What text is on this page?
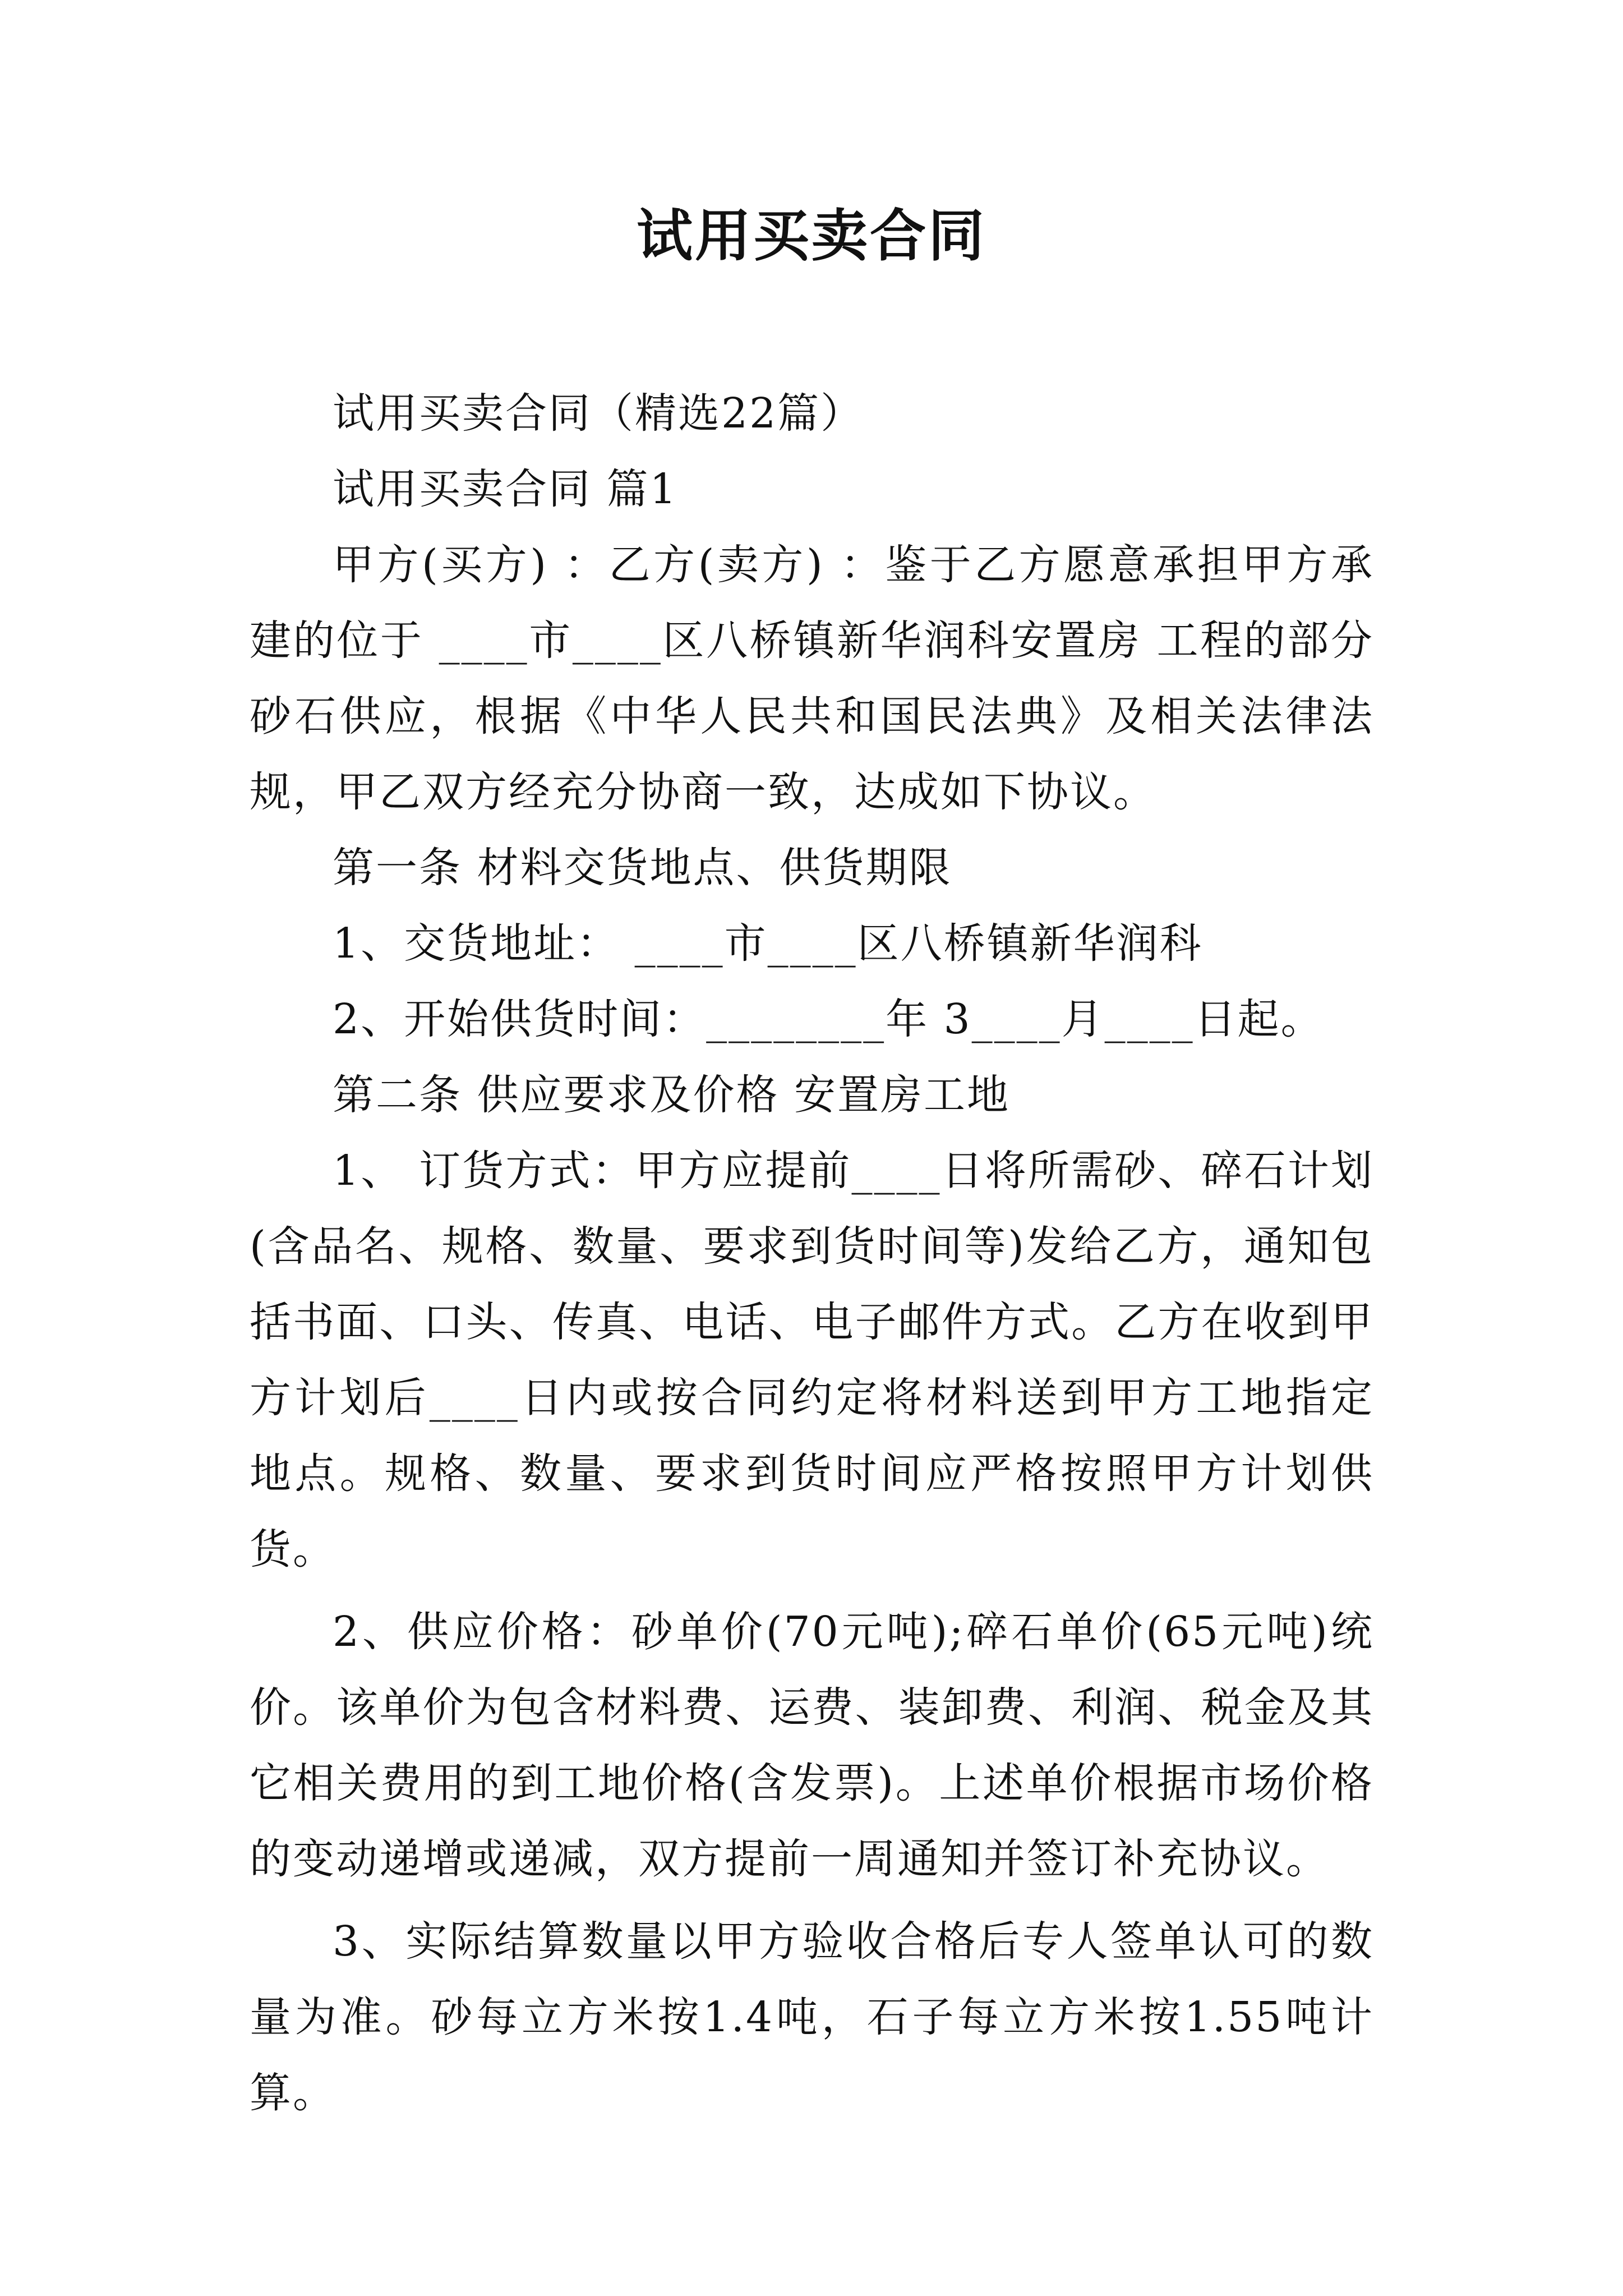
试用买卖合同

试用买卖合同（精选22篇）

试用买卖合同 篇1

甲方(买方) ：乙方(卖方) ：鉴于乙方愿意承担甲方承建的位于 ____市____区八桥镇新华润科安置房 工程的部分砂石供应，根据《中华人民共和国民法典》及相关法律法规，甲乙双方经充分协商一致，达成如下协议。

第一条 材料交货地点、供货期限

1、交货地址： ____市____区八桥镇新华润科

2、开始供货时间：________年 3____月____日起。

第二条 供应要求及价格 安置房工地

1、 订货方式：甲方应提前____日将所需砂、碎石计划(含品名、规格、数量、要求到货时间等)发给乙方，通知包括书面、口头、传真、电话、电子邮件方式。乙方在收到甲方计划后____日内或按合同约定将材料送到甲方工地指定地点。规格、数量、要求到货时间应严格按照甲方计划供货。

2、供应价格：砂单价(70元吨);碎石单价(65元吨)统价。该单价为包含材料费、运费、装卸费、利润、税金及其它相关费用的到工地价格(含发票)。上述单价根据市场价格的变动递增或递减，双方提前一周通知并签订补充协议。

3、实际结算数量以甲方验收合格后专人签单认可的数量为准。砂每立方米按1.4吨，石子每立方米按1.55吨计算。
